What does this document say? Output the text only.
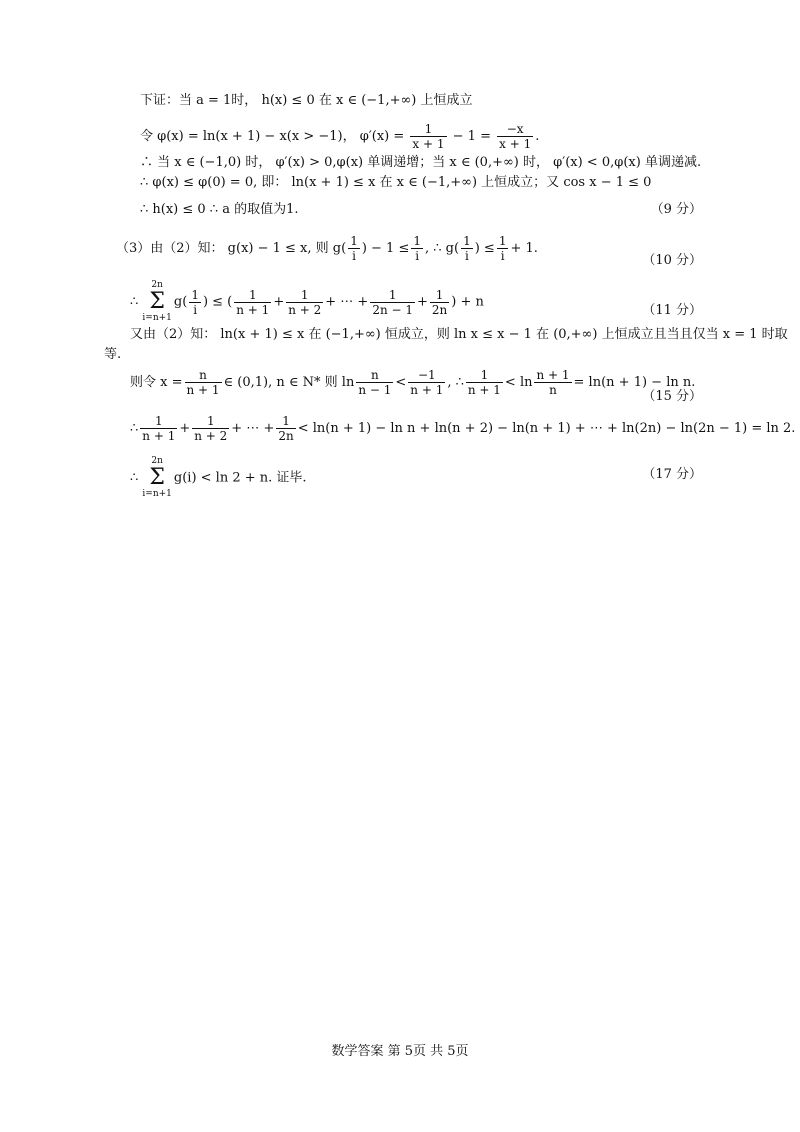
下证：当 a = 1时， h(x) ≤ 0 在 x ∈ (−1,+∞) 上恒成立
令 φ(x) = ln(x + 1) − x(x > −1)， $\varphi'(x) = \frac{1}{x + 1} - 1 = \frac{-x}{x + 1}$ .
∴ 当 x ∈ (−1,0) 时， φ′(x) > 0,φ(x) 单调递增；当 x ∈ (0,+∞) 时， φ′(x) < 0,φ(x) 单调递减.
∴ φ(x) ≤ φ(0) = 0, 即： ln(x + 1) ≤ x 在 x ∈ (−1,+∞) 上恒成立；又 cos x − 1 ≤ 0
∴ h(x) ≤ 0 ∴ a 的取值为1.	（9 分）
（3）由（2）知： g(x) − 1 ≤ x, 则 $g( \frac{1}{i}$ ) − $1 \le \frac{1}{i}$ , ∴ $g( \frac{1}{i}$ ) ≤ $\frac{1}{i} + 1$.
（10 分）
∴
2n
Σ
i=n+1
$g( \frac{1}{i}$ ) ≤ ( $\frac{1}{n + 1} + \frac{1}{n + 2}$ + ⋯ + $\frac{1}{2n - 1} + \frac{1}{2n}$ ) + n
（11 分）
又由（2）知： ln(x + 1) ≤ x 在 (−1,+∞) 恒成立，则 ln x ≤ x − 1 在 (0,+∞) 上恒成立且当且仅当 x = 1 时取
等.
则令 $x = \frac{n}{n + 1}$ ∈ (0,1), n ∈ N* 则 $\ln \frac{n}{n - 1} < \frac{-1}{n + 1}$ , ∴ $\frac{1}{n + 1} < \ln \frac{n + 1}{n} = \ln(n + 1) - \ln n$.
（15 分）
∴ $\frac{1}{n + 1} + \frac{1}{n + 2}$ + ⋯ + $\frac{1}{2n} < \ln(n + 1) - \ln n + \ln(n + 2) - \ln(n + 1)$ + ⋯ + ln(2n) − ln(2n − 1) = ln 2.
∴
2n
Σ
i=n+1
g(i) < ln 2 + n. 证毕.	（17 分）
数学答案 第 5页 共 5页
